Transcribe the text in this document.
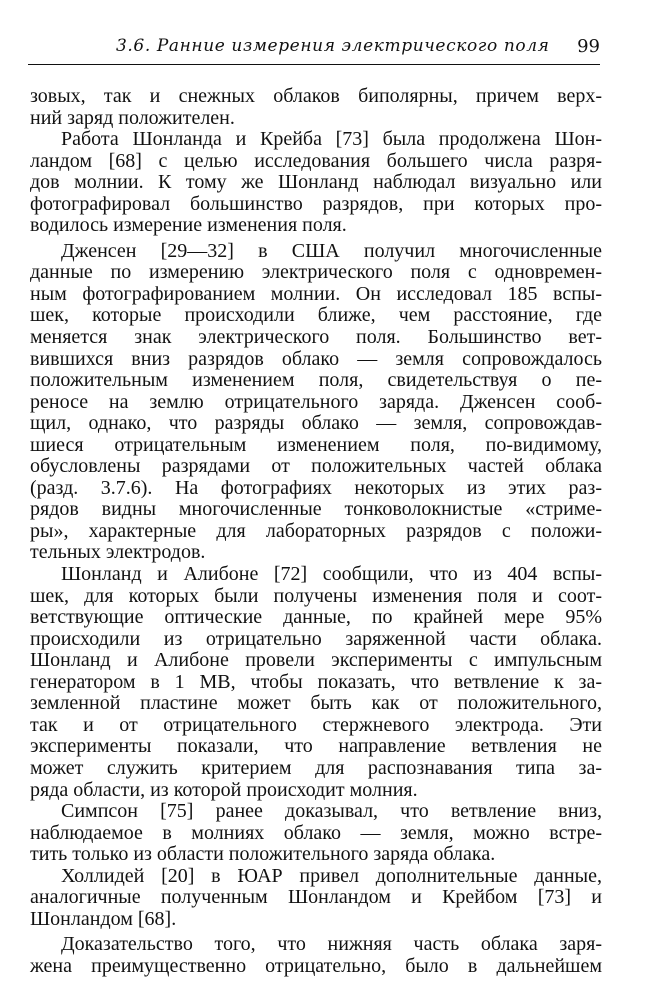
3.6. Ранние измерения электрического поля 99
зовых, так и снежных облаков биполярны, причем верх-
ний заряд положителен.
Работа Шонланда и Крейба [73] была продолжена Шон-
ландом [68] с целью исследования большего числа разря-
дов молнии. К тому же Шонланд наблюдал визуально или
фотографировал большинство разрядов, при которых про-
водилось измерение изменения поля.
Дженсен [29—32] в США получил многочисленные
данные по измерению электрического поля с одновремен-
ным фотографированием молнии. Он исследовал 185 вспы-
шек, которые происходили ближе, чем расстояние, где
меняется знак электрического поля. Большинство вет-
вившихся вниз разрядов облако — земля сопровождалось
положительным изменением поля, свидетельствуя о пе-
реносе на землю отрицательного заряда. Дженсен сооб-
щил, однако, что разряды облако — земля, сопровождав-
шиеся отрицательным изменением поля, по-видимому,
обусловлены разрядами от положительных частей облака
(разд. 3.7.6). На фотографиях некоторых из этих раз-
рядов видны многочисленные тонковолокнистые «стриме-
ры», характерные для лабораторных разрядов с положи-
тельных электродов.
Шонланд и Алибоне [72] сообщили, что из 404 вспы-
шек, для которых были получены изменения поля и соот-
ветствующие оптические данные, по крайней мере 95%
происходили из отрицательно заряженной части облака.
Шонланд и Алибоне провели эксперименты с импульсным
генератором в 1 МВ, чтобы показать, что ветвление к за-
земленной пластине может быть как от положительного,
так и от отрицательного стержневого электрода. Эти
эксперименты показали, что направление ветвления не
может служить критерием для распознавания типа за-
ряда области, из которой происходит молния.
Симпсон [75] ранее доказывал, что ветвление вниз,
наблюдаемое в молниях облако — земля, можно встре-
тить только из области положительного заряда облака.
Холлидей [20] в ЮАР привел дополнительные данные,
аналогичные полученным Шонландом и Крейбом [73] и
Шонландом [68].
Доказательство того, что нижняя часть облака заря-
жена преимущественно отрицательно, было в дальнейшем
